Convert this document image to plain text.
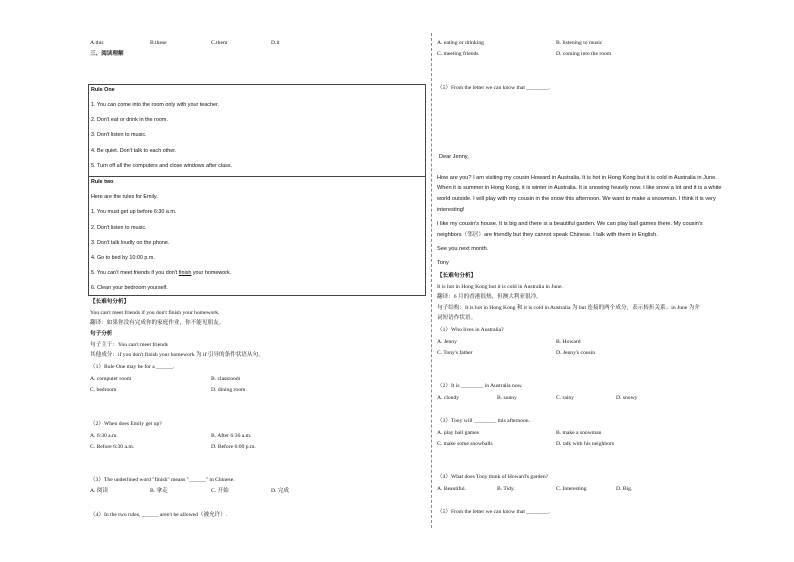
A.this	B.these	C.them	D.it
三、阅读理解
Rule One
1. You can come into the room only with your teacher.
2. Don't eat or drink in the room.
3. Don't listen to music.
4. Be quiet. Don't talk to each other.
5. Turn off all the computers and close windows after class.
Rule two
Here are the rules for Emily.
1. You must get up before 6:30 a.m.
2. Don't listen to music.
3. Don't talk loudly on the phone.
4. Go to bed by 10:00 p.m.
5. You can't meet friends if you don't finish your homework.
6. Clean your bedroom yourself.
【长难句分析】
You can't meet friends if you don't finish your homework.
翻译：如果你没有完成你的家庭作业，你不能见朋友。
句子分析
句子主干：You can't meet friends
其他成分：if you don't finish your homework 为 if 引导的条件状语从句。
（1）Rule One may be for a ______.
A. computer room	B. classroom
C. bedroom	D. dining room
（2）When does Emily get up?
A. 6:30 a.m.	B. After 6:30 a.m.
C. Before 6:30 a.m.	D. Before 6:00 p.m.
（3）The underlined word "finish" means "______" in Chinese.
A. 阅读	B. 拿走	C. 开始	D. 完成
（4）In the two rules, ______ aren't be allowed（被允许）.
A. eating or drinking	B. listening to music
C. meeting friends	D. coming into the room
（5）From the letter we can know that ________.
Dear Jenny,
How are you? I am visiting my cousin Howard in Australia. It is hot in Hong Kong but it is cold in Australia in June.
When it is summer in Hong Kong, it is winter in Australia. It is snowing heavily now. I like snow a lot and it is a white
world outside. I will play with my cousin in the snow this afternoon. We want to make a snowman. I think it is very
interesting!
I like my cousin's house. It is big and there is a beautiful garden. We can play ball games there. My cousin's
neighbors（邻居）are friendly but they cannot speak Chinese. I talk with them in English.
See you next month.
Tony
【长难句分析】
It is hot in Hong Kong but it is cold in Australia in June.
翻译：6 月的香港很热，但澳大利亚很冷。
句子结构：It is hot in Hong Kong 和 it is cold in Australia 为 but 连接的两个成分，表示转折关系；in June 为介
词短语作状语。
（1）Who lives in Australia?
A. Jenny	B. Howard
C. Tony's father	D. Jenny's cousin
（2）It is ________ in Australia now.
A. cloudy	B. sunny	C. rainy	D. snowy
（3）Tony will ________ this afternoon.
A. play ball games	B. make a snowman
C. make some snowballs	D. talk with his neighbors
（4）What does Tony think of Howard's garden?
A. Beautiful.	B. Tidy.	C. Interesting	D. Big.
（5）From the letter we can know that ________.
